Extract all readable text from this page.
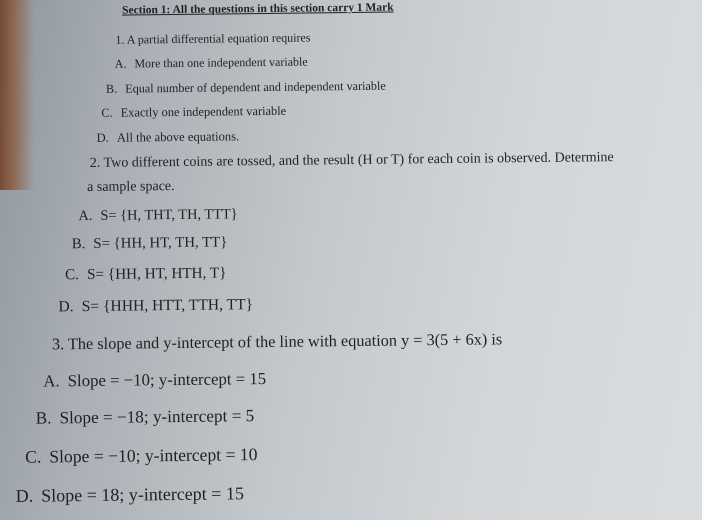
Section 1: All the questions in this section carry 1 Mark
1. A partial differential equation requires
A. More than one independent variable
B. Equal number of dependent and independent variable
C. Exactly one independent variable
D. All the above equations.
2. Two different coins are tossed, and the result (H or T) for each coin is observed. Determine
a sample space.
A. S= {H, THT, TH, TTT}
B. S= {HH, HT, TH, TT}
C. S= {HH, HT, HTH, T}
D. S= {HHH, HTT, TTH, TT}
3. The slope and y-intercept of the line with equation y = 3(5 + 6x) is
A. Slope = −10; y-intercept = 15
B. Slope = −18; y-intercept = 5
C. Slope = −10; y-intercept = 10
D. Slope = 18; y-intercept = 15
